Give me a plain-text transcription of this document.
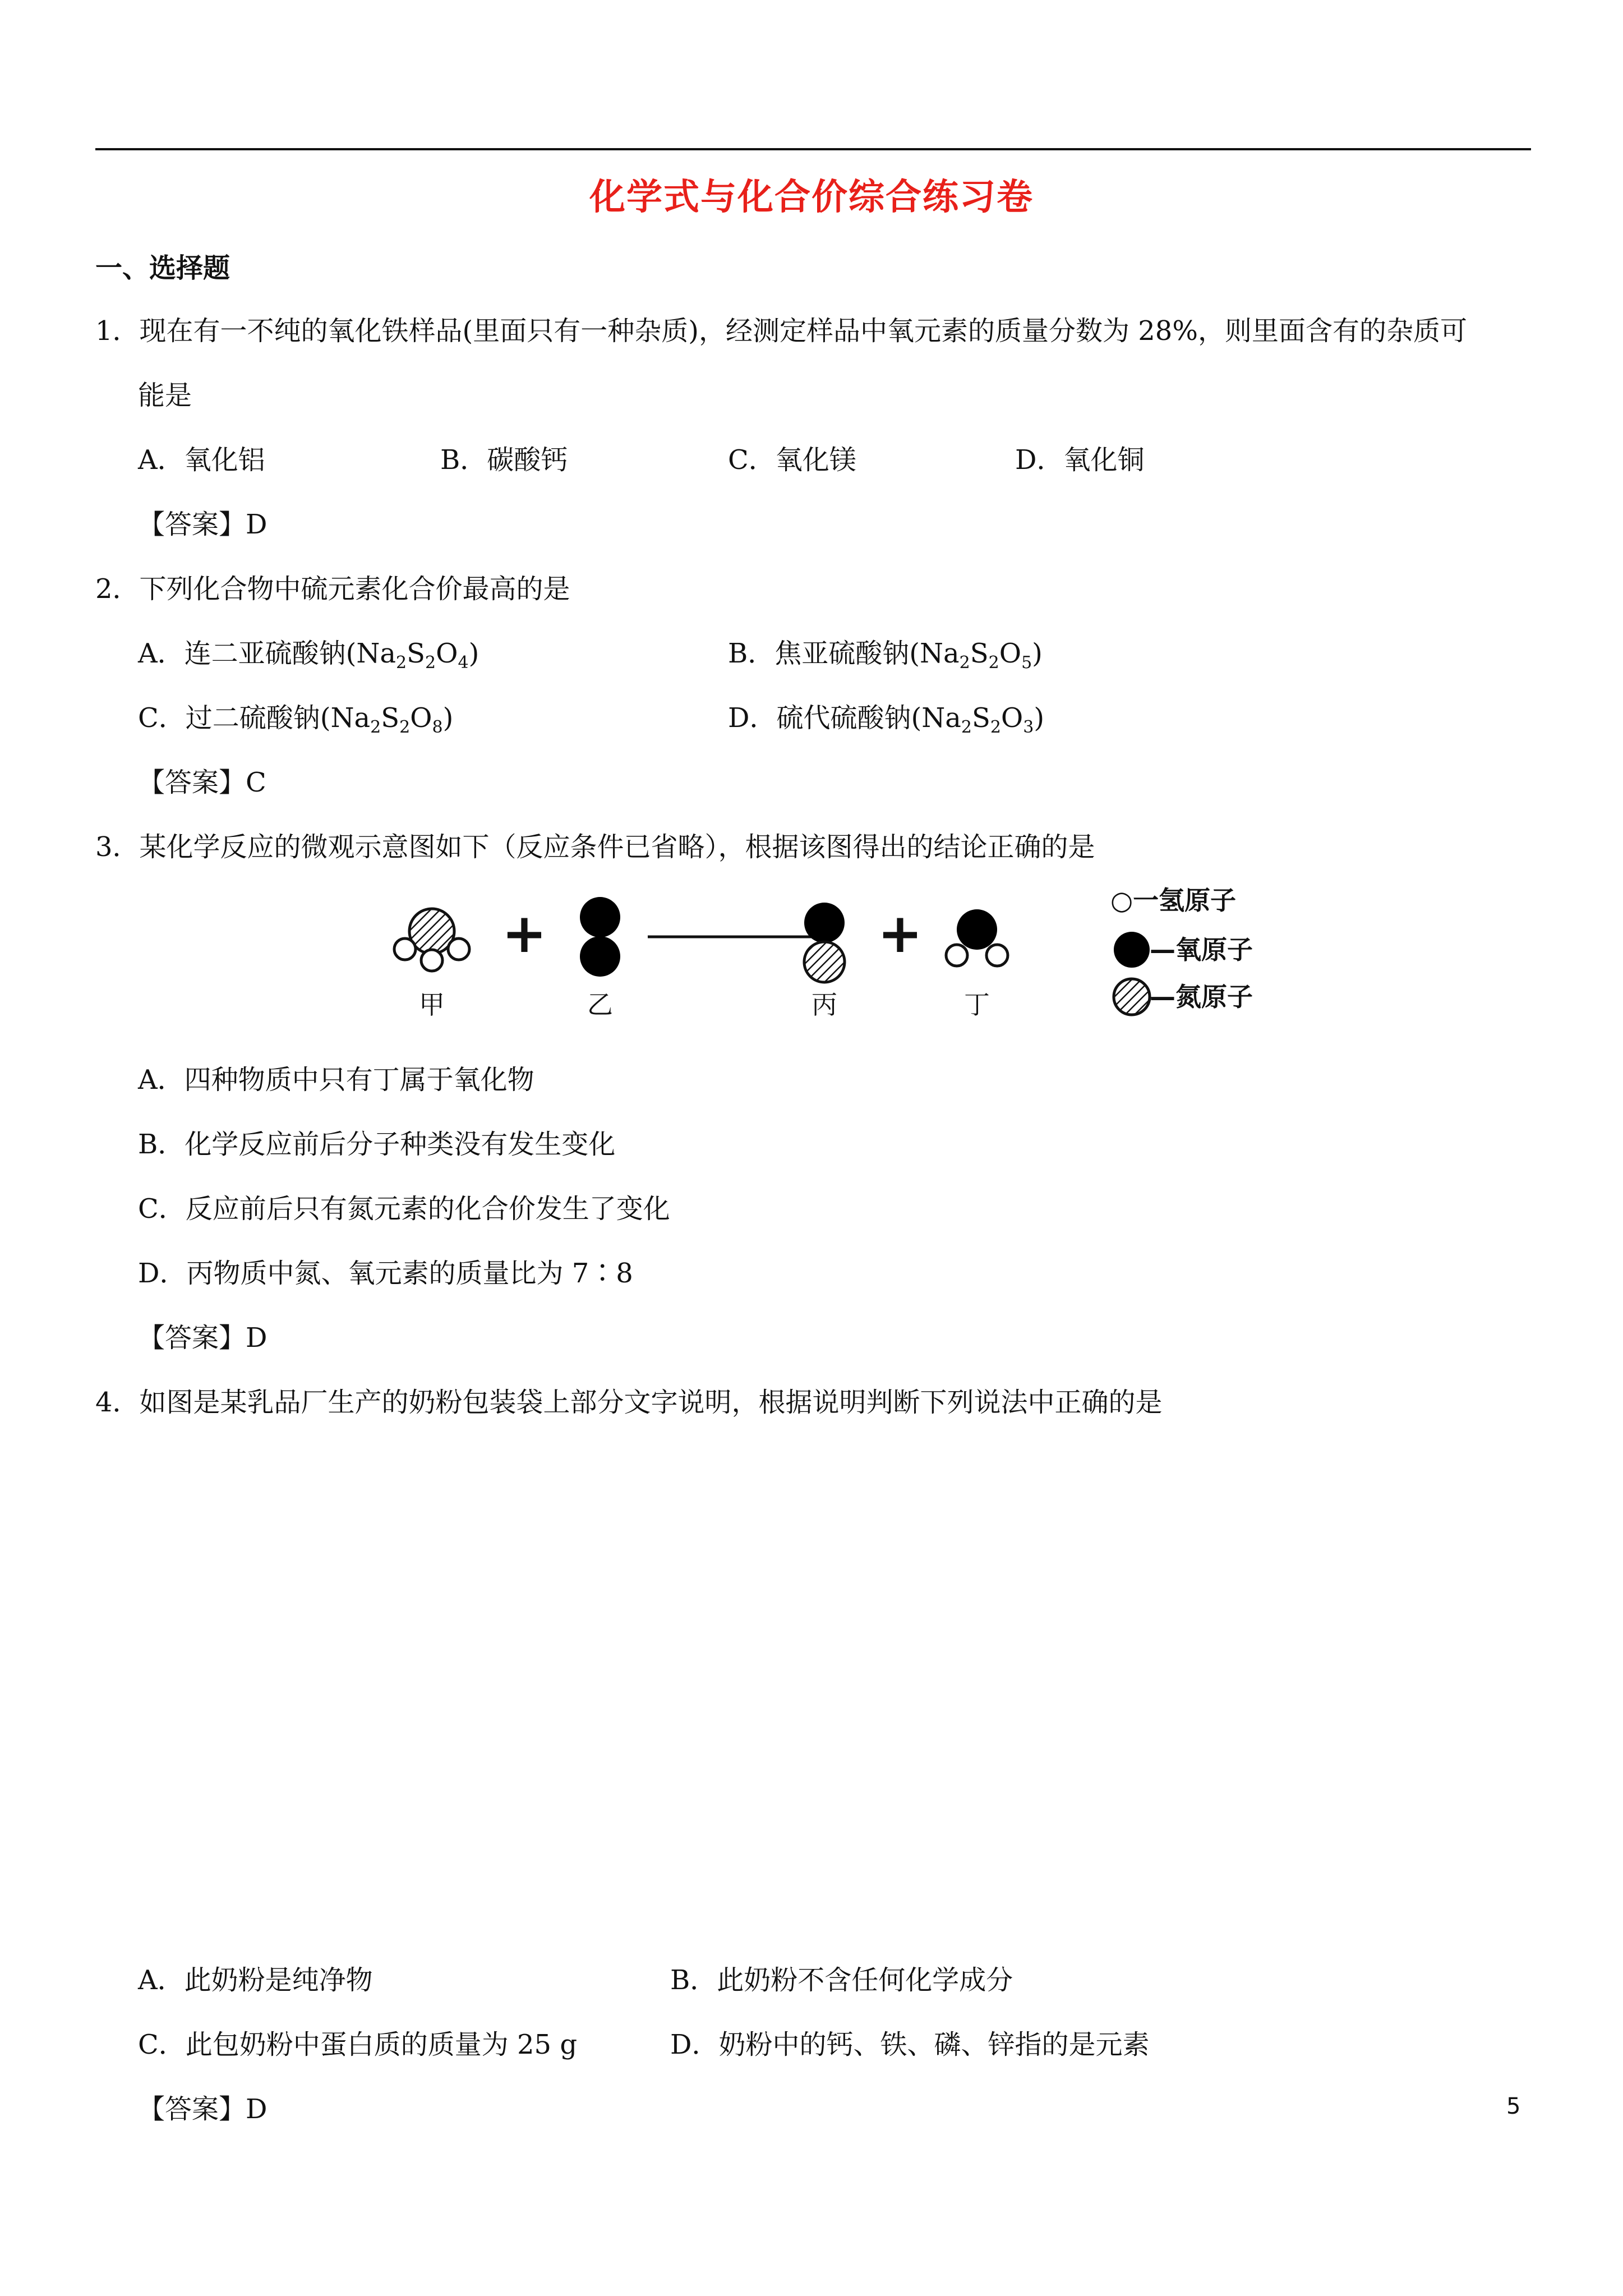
化学式与化合价综合练习卷
一、选择题
1．现在有一不纯的氧化铁样品(里面只有一种杂质)，经测定样品中氧元素的质量分数为 28%，则里面含有的杂质可
能是
A．氧化铝	B．碳酸钙	C．氧化镁	D．氧化铜
【答案】D
2．下列化合物中硫元素化合价最高的是
A．连二亚硫酸钠$(Na_2S_2O_4)$	B．焦亚硫酸钠$(Na_2S_2O_5)$
C．过二硫酸钠$(Na_2S_2O_8)$	D．硫代硫酸钠$(Na_2S_2O_3)$
【答案】C
3．某化学反应的微观示意图如下（反应条件已省略），根据该图得出的结论正确的是
甲
+
乙	丙
+
丁
○一氢原子
—氧原子
—氮原子
A．四种物质中只有丁属于氧化物
B．化学反应前后分子种类没有发生变化
C．反应前后只有氮元素的化合价发生了变化
D．丙物质中氮、氧元素的质量比为 7∶8
【答案】D
4．如图是某乳品厂生产的奶粉包装袋上部分文字说明，根据说明判断下列说法中正确的是
A．此奶粉是纯净物	B．此奶粉不含任何化学成分
C．此包奶粉中蛋白质的质量为 25 g	D．奶粉中的钙、铁、磷、锌指的是元素
【答案】D	5
